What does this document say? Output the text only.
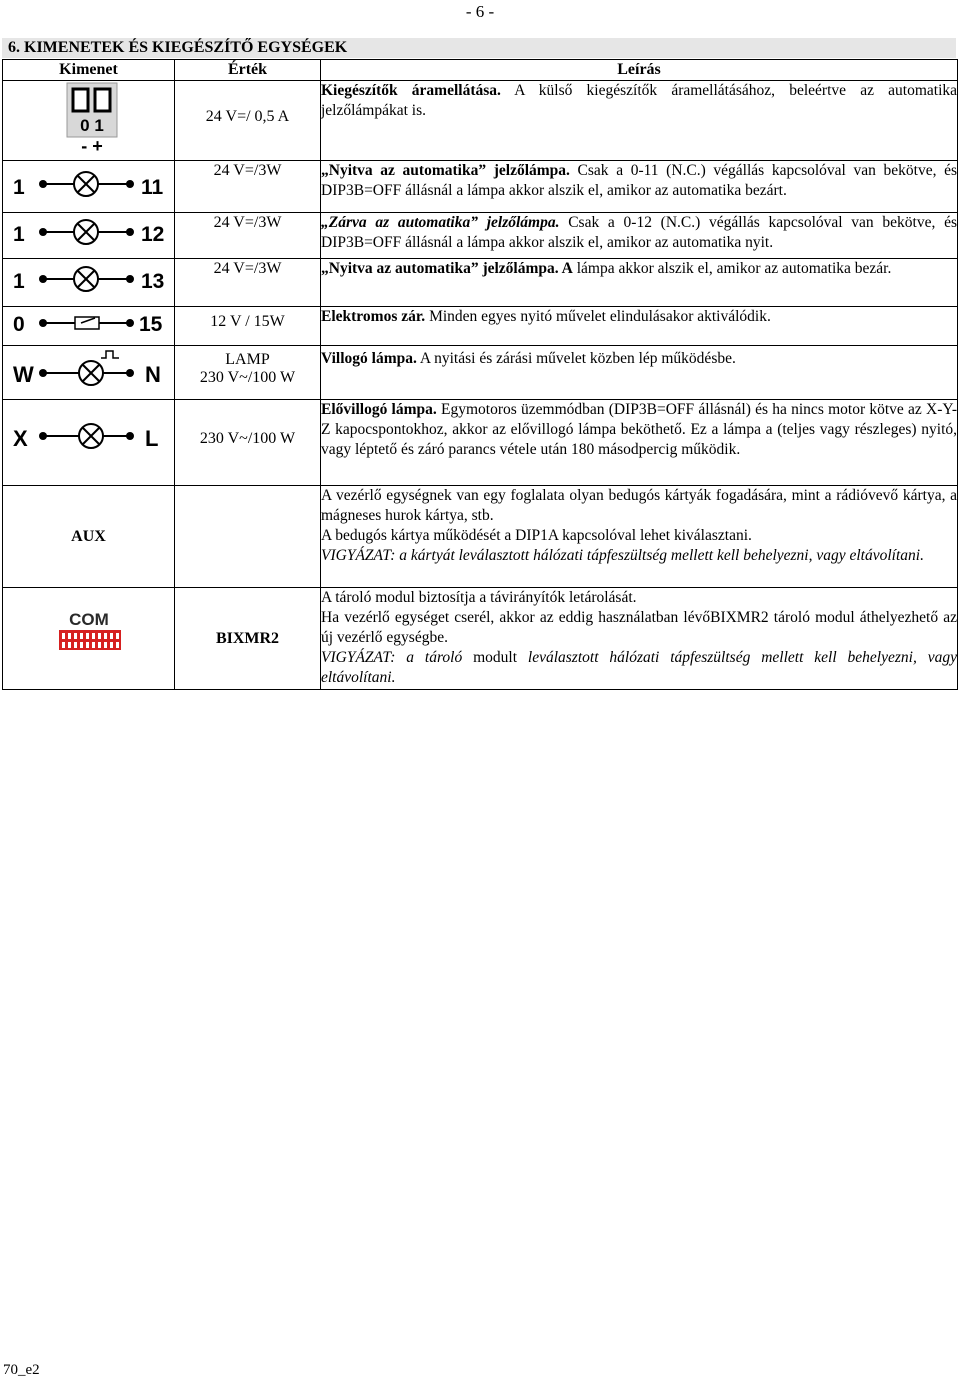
- 6 -
6. KIMENETEK ÉS KIEGÉSZÍTŐ EGYSÉGEK
Kimenet	Érték	Leírás

0 1
- +	24 V=/ 0,5 A	Kiegészítők áramellátása. A külső kiegészítők áramellátásához, beleértve az automatika jelzőlámpákat is.

1 11	24 V=/3W	„Nyitva az automatika” jelzőlámpa. Csak a 0-11 (N.C.) végállás kapcsolóval van bekötve, és DIP3B=OFF állásnál a lámpa akkor alszik el, amikor az automatika bezárt.

1 12	24 V=/3W	„Zárva az automatika” jelzőlámpa. Csak a 0-12 (N.C.) végállás kapcsolóval van bekötve, és DIP3B=OFF állásnál a lámpa akkor alszik el, amikor az automatika nyit.

1 13	24 V=/3W	„Nyitva az automatika” jelzőlámpa. A lámpa akkor alszik el, amikor az automatika bezár.

0 15	12 V / 15W	Elektromos zár. Minden egyes nyitó művelet elindulásakor aktiválódik.

W N	LAMP
230 V~/100 W	Villogó lámpa. A nyitási és zárási művelet közben lép működésbe.

X L	230 V~/100 W	Elővillogó lámpa. Egymotoros üzemmódban (DIP3B=OFF állásnál) és ha nincs motor kötve az X-Y-Z kapocspontokhoz, akkor az elővillogó lámpa beköthető. Ez a lámpa a (teljes vagy részleges) nyitó, vagy léptető és záró parancs vétele után 180 másodpercig működik.
AUX		A vezérlő egységnek van egy foglalata olyan bedugós kártyák fogadására, mint a rádióvevő kártya, a mágneses hurok kártya, stb.
A bedugós kártya működését a DIP1A kapcsolóval lehet kiválasztani.
VIGYÁZAT: a kártyát leválasztott hálózati tápfeszültség mellett kell behelyezni, vagy eltávolítani.

COM	BIXMR2	A tároló modul biztosítja a távirányítók letárolását.
Ha vezérlő egységet cserél, akkor az eddig használatban lévőBIXMR2 tároló modul áthelyezhető az új vezérlő egységbe.
VIGYÁZAT: a tároló modult leválasztott hálózati tápfeszültség mellett kell behelyezni, vagy eltávolítani.
70_e2
